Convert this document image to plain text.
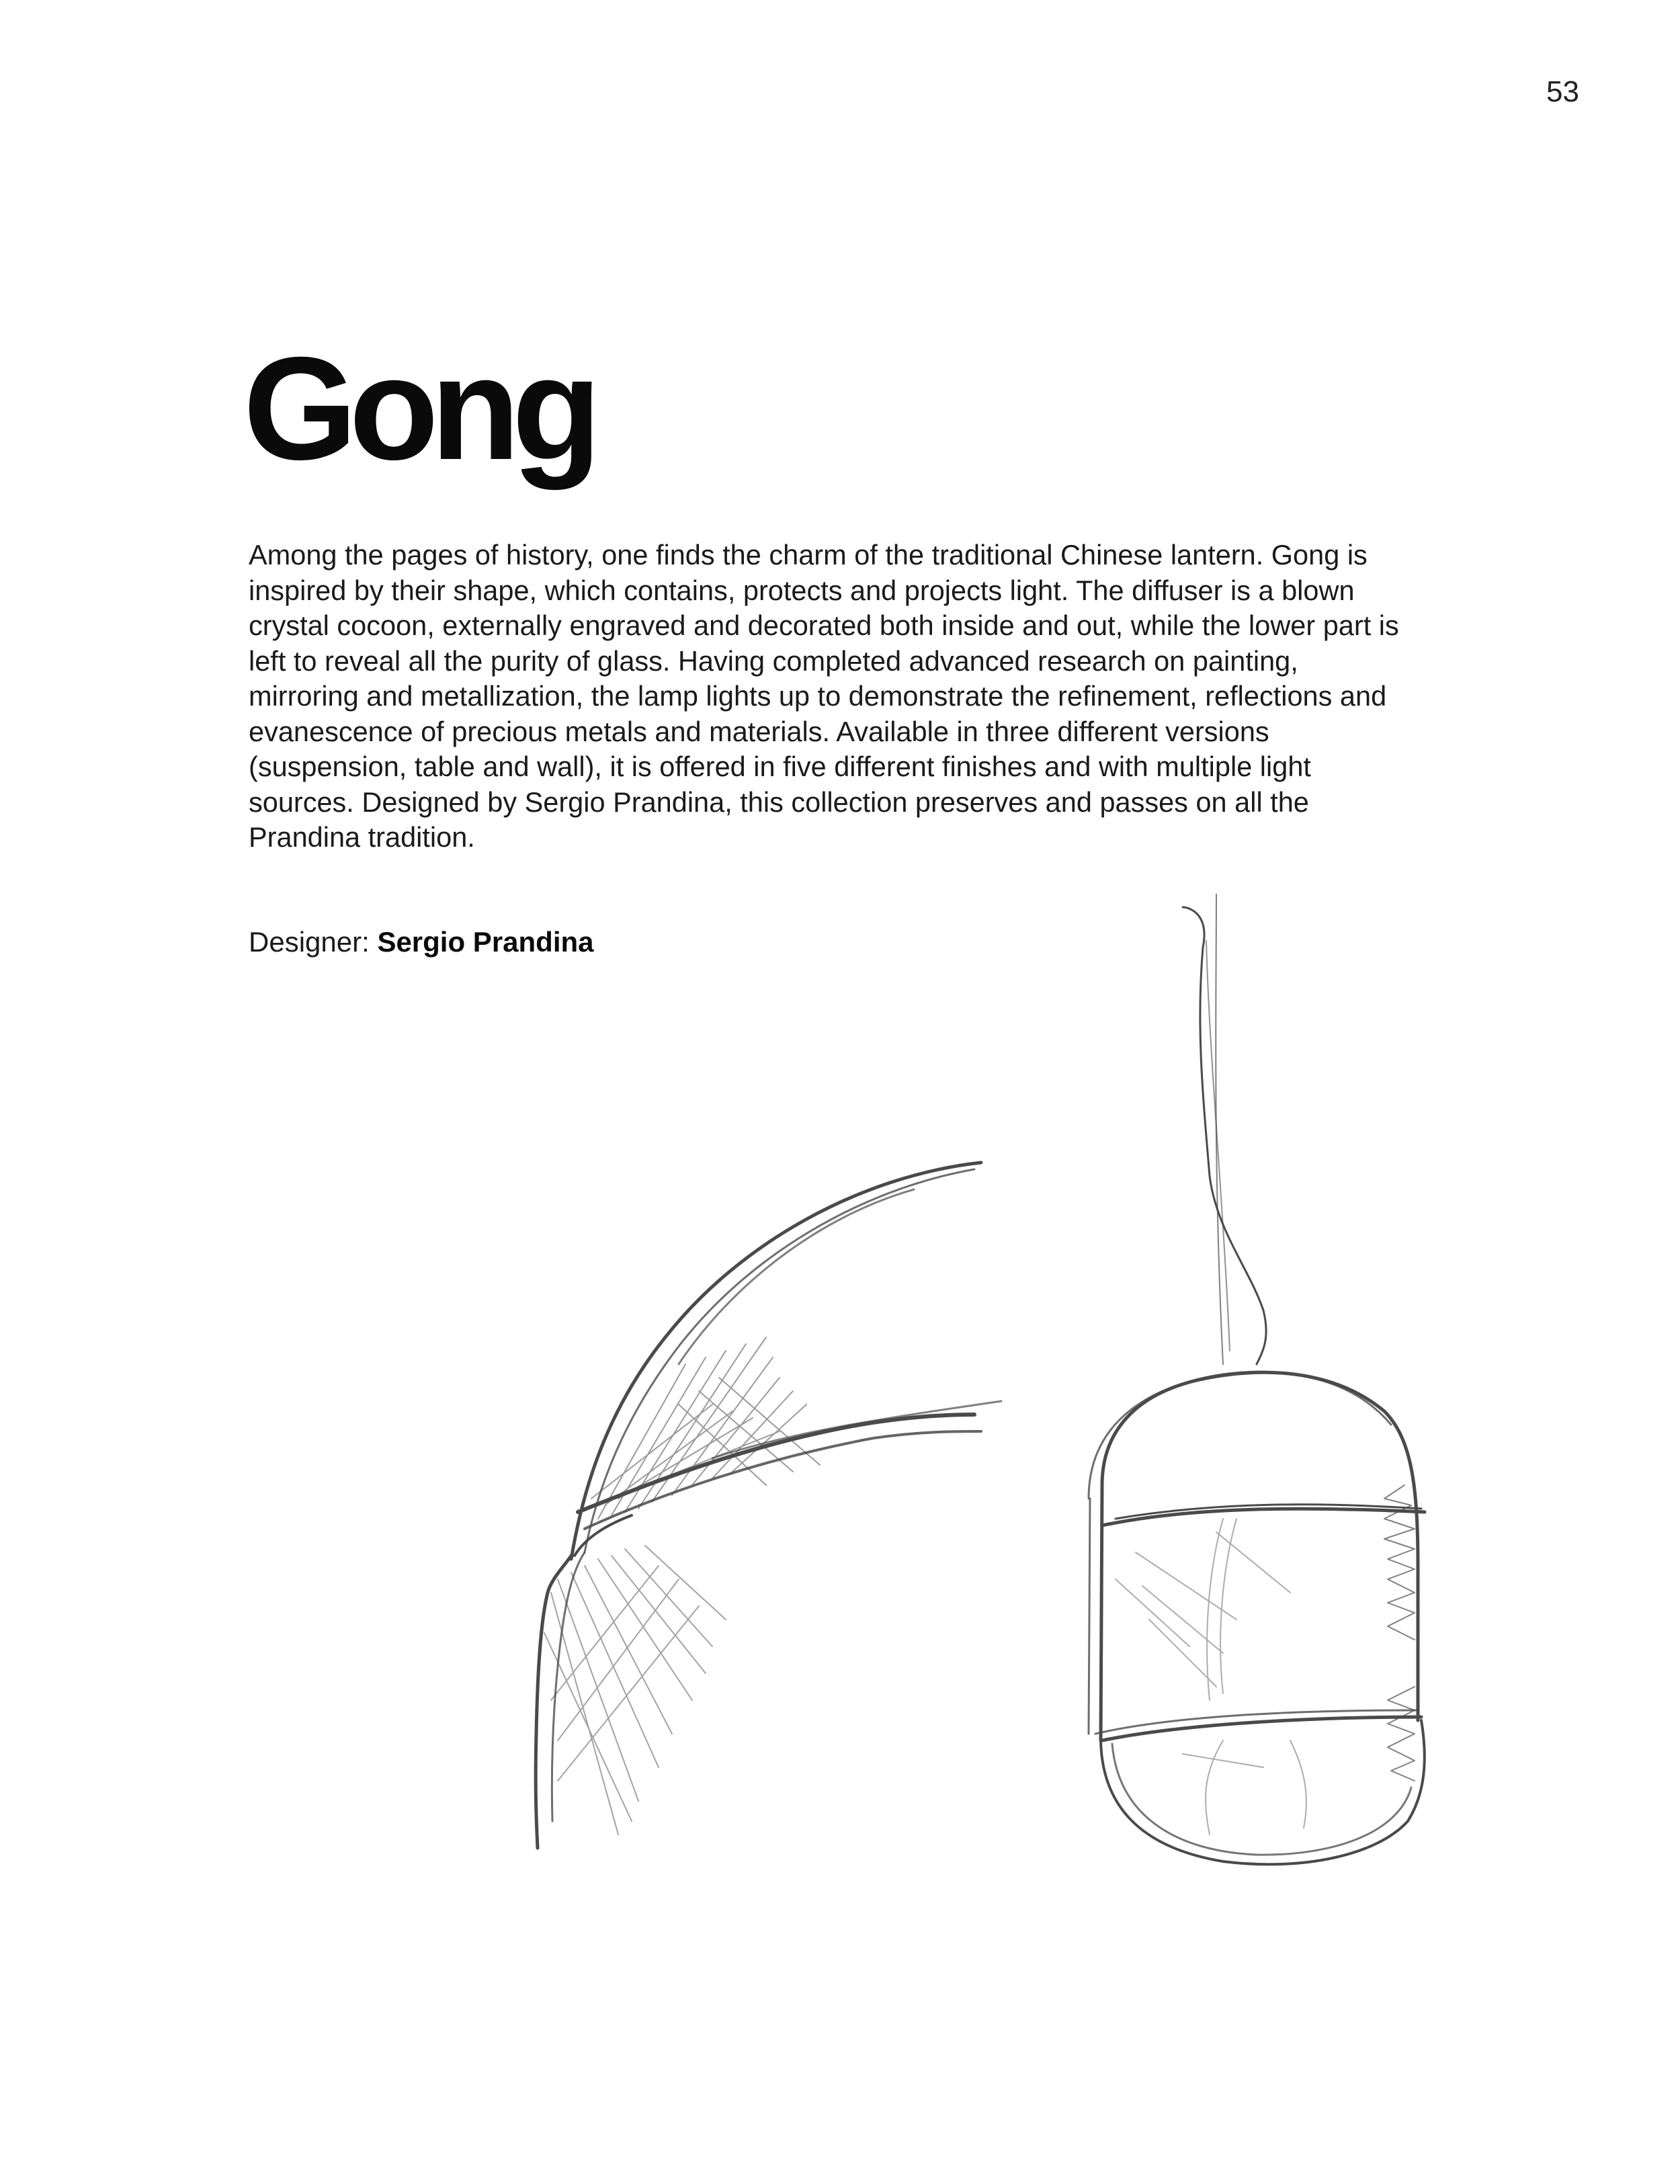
53
Gong

Among the pages of history, one finds the charm of the traditional Chinese lantern. Gong is inspired by their shape, which contains, protects and projects light. The diffuser is a blown crystal cocoon, externally engraved and decorated both inside and out, while the lower part is left to reveal all the purity of glass. Having completed advanced research on painting, mirroring and metallization, the lamp lights up to demonstrate the refinement, reflections and evanescence of precious metals and materials. Available in three different versions (suspension, table and wall), it is offered in five different finishes and with multiple light sources. Designed by Sergio Prandina, this collection preserves and passes on all the Prandina tradition.

Designer: Sergio Prandina
